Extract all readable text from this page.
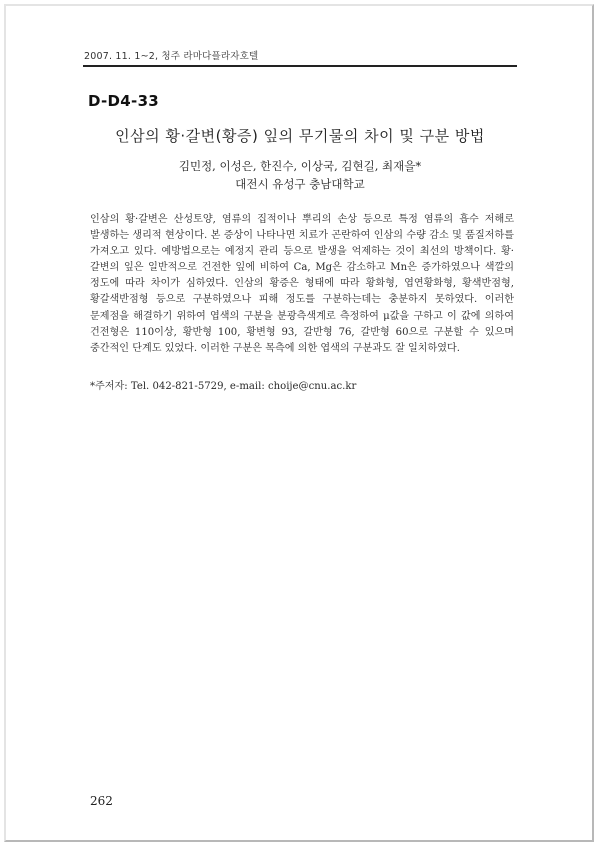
2007. 11. 1~2, 청주 라마다플라자호텔
D-D4-33
인삼의 황·갈변(황증) 잎의 무기물의 차이 및 구분 방법
김민정, 이성은, 한진수, 이상국, 김현길, 최재을*
대전시 유성구 충남대학교

인삼의 황·갈변은 산성토양, 염류의 집적이나 뿌리의 손상 등으로 특정 염류의 흡수 저해로 발생하는 생리적 현상이다. 본 증상이 나타나면 치료가 곤란하여 인삼의 수량 감소 및 품질저하를 가져오고 있다. 예방법으로는 예정지 관리 등으로 발생을 억제하는 것이 최선의 방책이다. 황·갈변의 잎은 일반적으로 건전한 잎에 비하여 Ca, Mg은 감소하고 Mn은 증가하였으나 색깔의 정도에 따라 차이가 심하였다. 인삼의 황증은 형태에 따라 황화형, 엽연황화형, 황색반점형, 황갈색반점형 등으로 구분하였으나 피해 정도를 구분하는데는 충분하지 못하였다. 이러한 문제점을 해결하기 위하여 엽색의 구분을 분광측색계로 측정하여 μ값을 구하고 이 값에 의하여 건전형은 110이상, 황반형 100, 황변형 93, 갈반형 76, 갈반형 60으로 구분할 수 있으며 중간적인 단계도 있었다. 이러한 구분은 목측에 의한 엽색의 구분과도 잘 일치하였다.

*주저자: Tel. 042-821-5729, e-mail: choije@cnu.ac.kr
262
